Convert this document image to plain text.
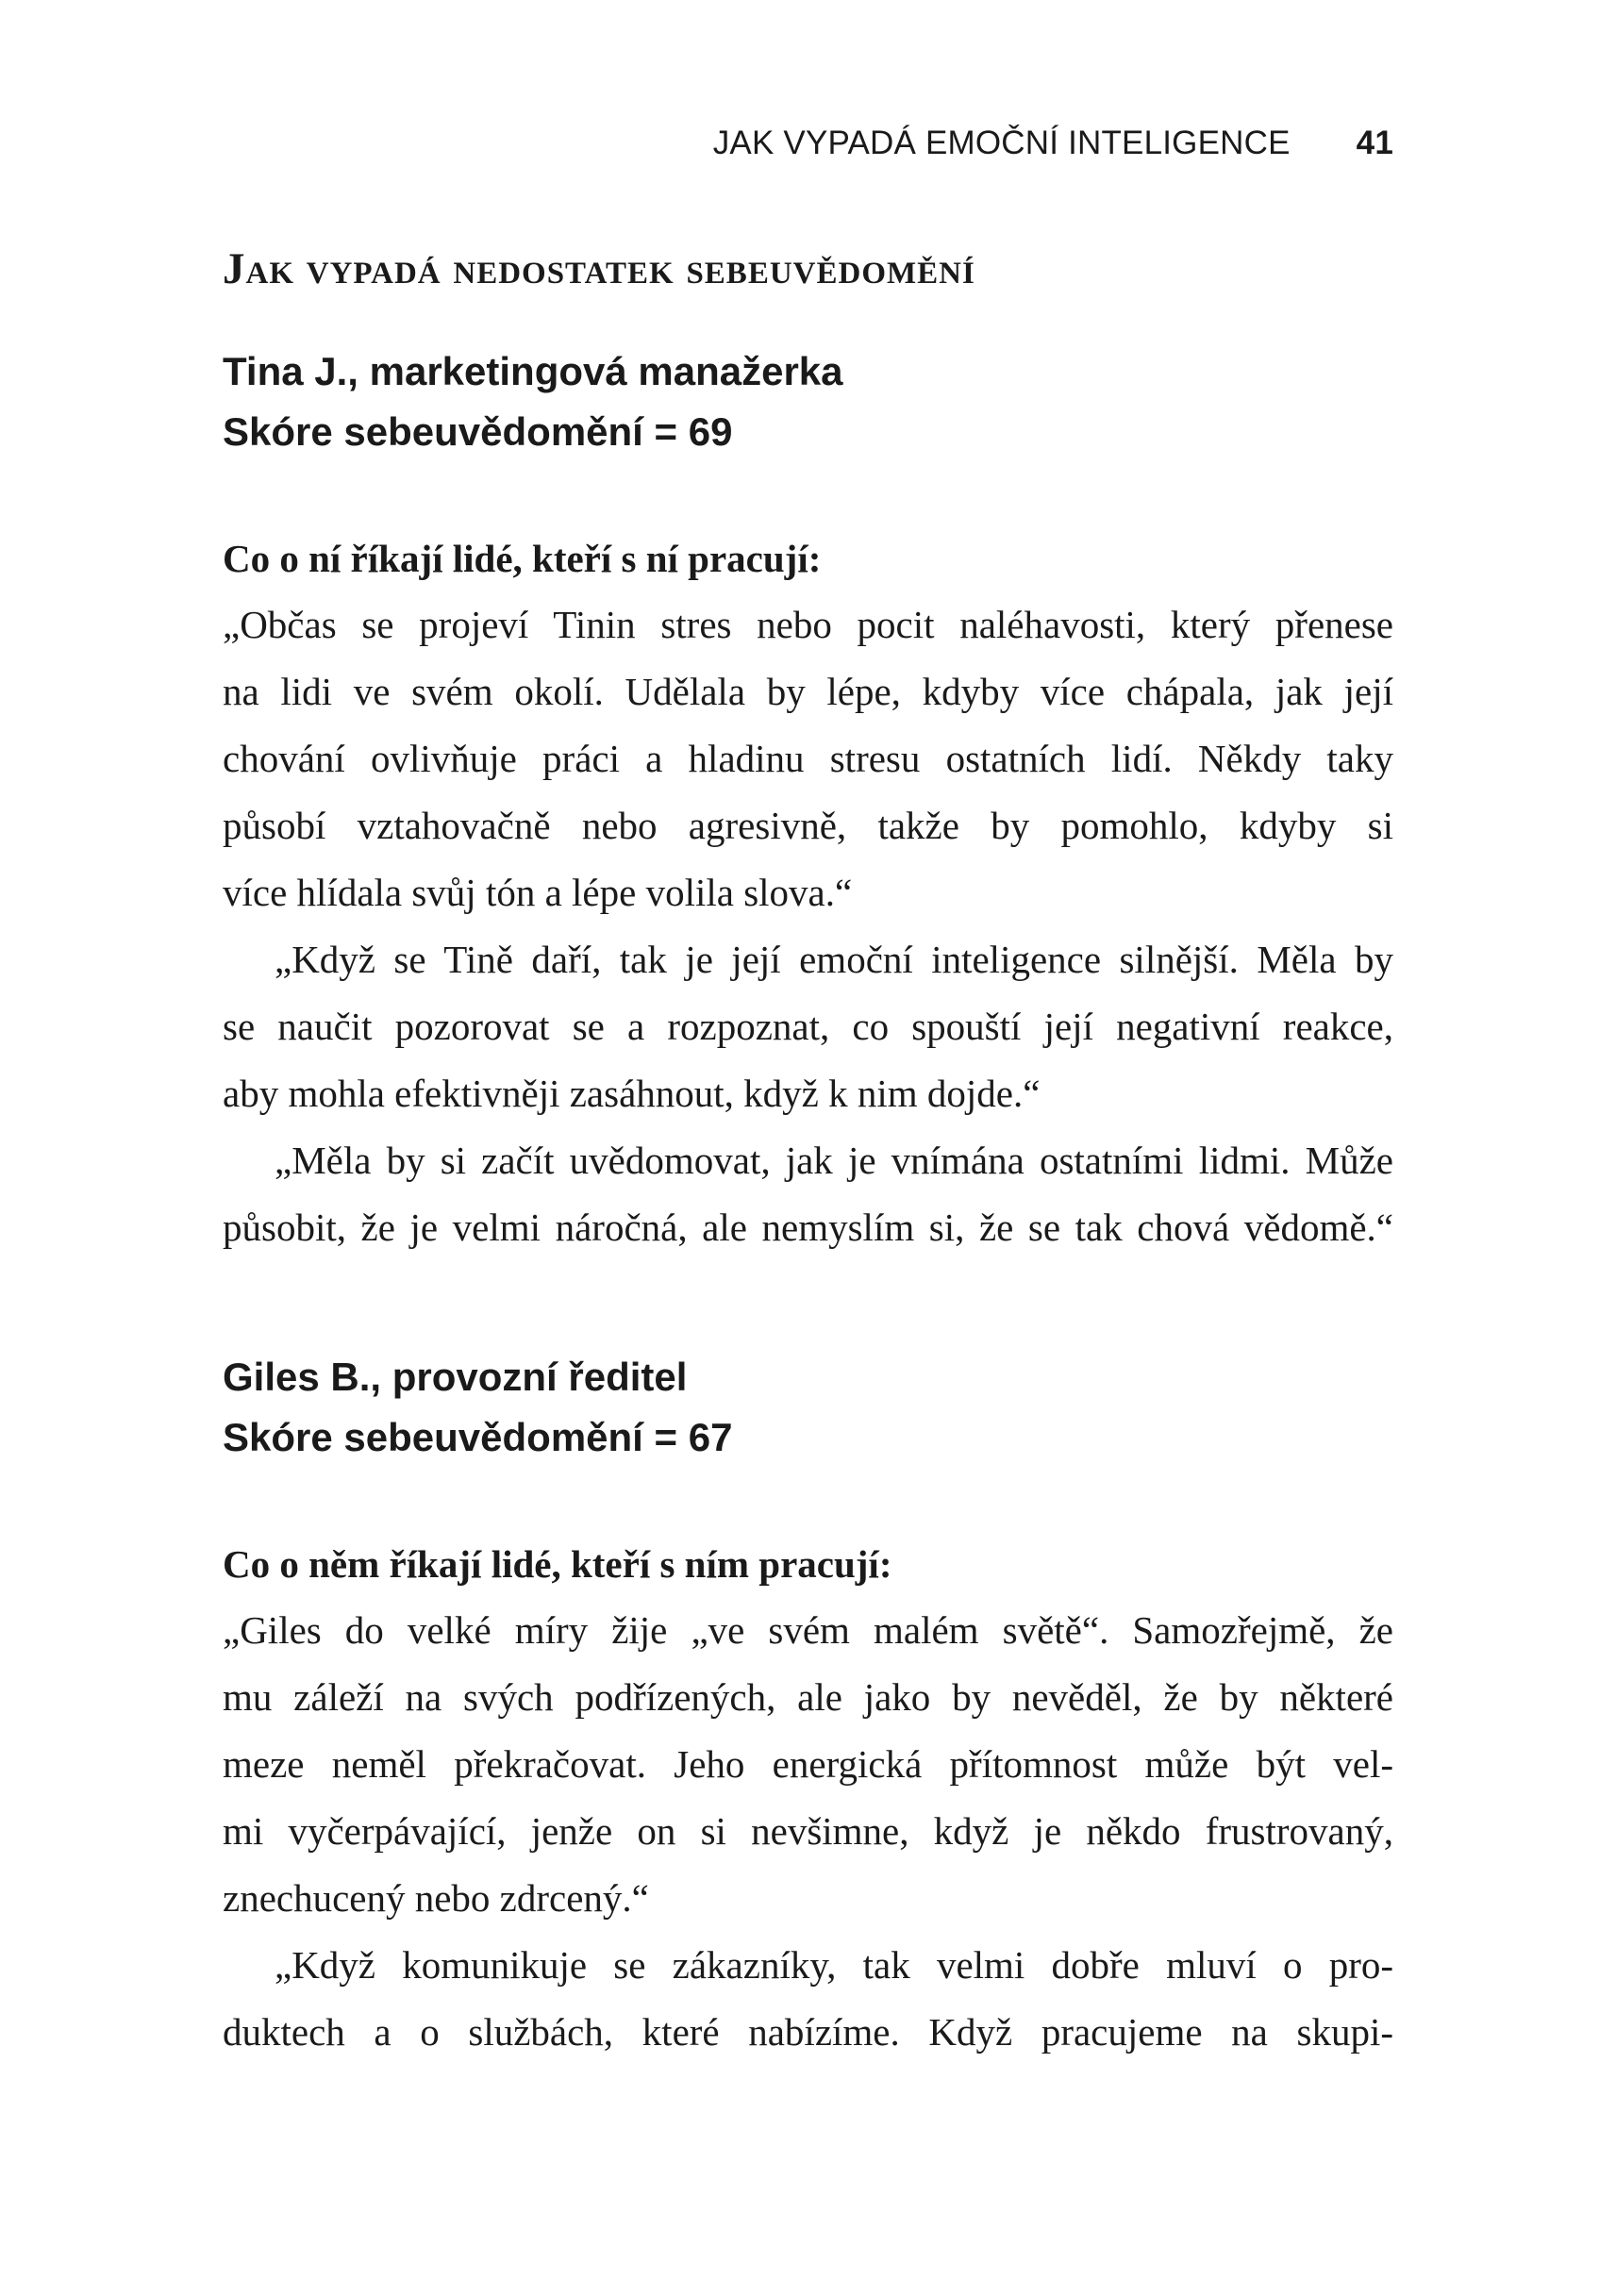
JAK VYPADÁ EMOČNÍ INTELIGENCE 41
Jak vypadá nedostatek sebeuvědomění
Tina J., marketingová manažerka
Skóre sebeuvědomění = 69
Co o ní říkají lidé, kteří s ní pracují:
„Občas se projeví Tinin stres nebo pocit naléhavosti, který přenese
na lidi ve svém okolí. Udělala by lépe, kdyby více chápala, jak její
chování ovlivňuje práci a hladinu stresu ostatních lidí. Někdy taky
působí vztahovačně nebo agresivně, takže by pomohlo, kdyby si
více hlídala svůj tón a lépe volila slova.“
„Když se Tině daří, tak je její emoční inteligence silnější. Měla by
se naučit pozorovat se a rozpoznat, co spouští její negativní reakce,
aby mohla efektivněji zasáhnout, když k nim dojde.“
„Měla by si začít uvědomovat, jak je vnímána ostatními lidmi. Může
působit, že je velmi náročná, ale nemyslím si, že se tak chová vědomě.“
Giles B., provozní ředitel
Skóre sebeuvědomění = 67
Co o něm říkají lidé, kteří s ním pracují:
„Giles do velké míry žije „ve svém malém světě“. Samozřejmě, že
mu záleží na svých podřízených, ale jako by nevěděl, že by některé
meze neměl překračovat. Jeho energická přítomnost může být vel-
mi vyčerpávající, jenže on si nevšimne, když je někdo frustrovaný,
znechucený nebo zdrcený.“
„Když komunikuje se zákazníky, tak velmi dobře mluví o pro-
duktech a o službách, které nabízíme. Když pracujeme na skupi-
